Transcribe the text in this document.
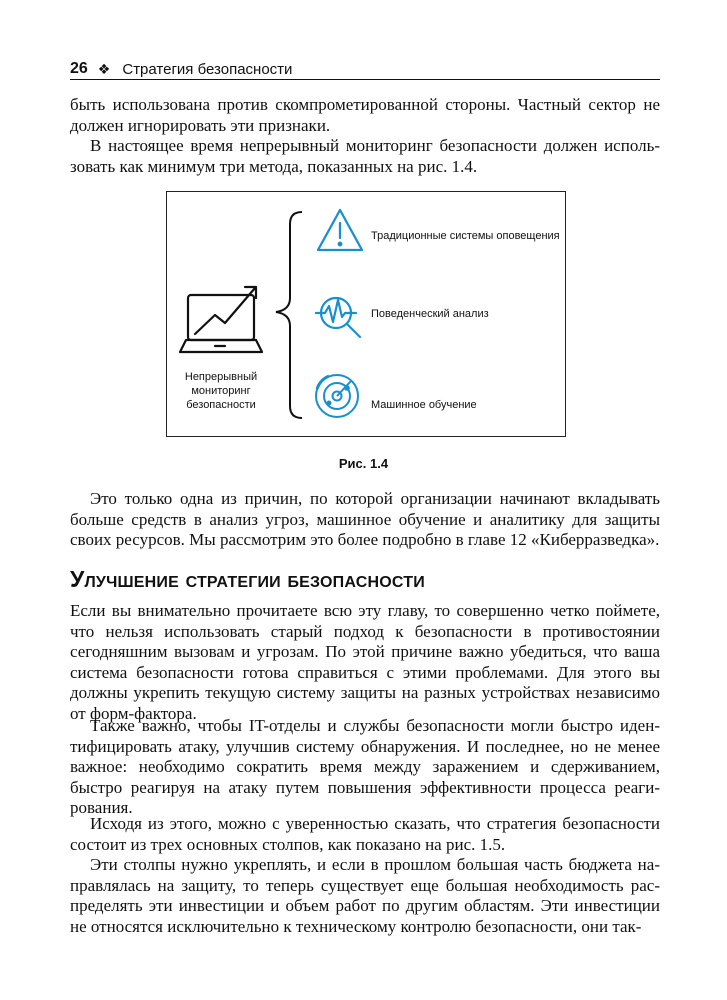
26 ❖ Стратегия безопасности

быть использована против скомпрометированной стороны. Частный сектор не должен игнорировать эти признаки.

В настоящее время непрерывный мониторинг безопасности должен использовать как минимум три метода, показанных на рис. 1.4.

Традиционные системы оповещения
Поведенческий анализ
Машинное обучение
Непрерывный мониторинг безопасности
Рис. 1.4

Это только одна из причин, по которой организации начинают вкладывать больше средств в анализ угроз, машинное обучение и аналитику для защиты своих ресурсов. Мы рассмотрим это более подробно в главе 12 «Киберразведка».

Улучшение стратегии безопасности

Если вы внимательно прочитаете всю эту главу, то совершенно четко поймете, что нельзя использовать старый подход к безопасности в противостоянии сегодняшним вызовам и угрозам. По этой причине важно убедиться, что ваша система безопасности готова справиться с этими проблемами. Для этого вы должны укрепить текущую систему защиты на разных устройствах независимо от форм-фактора.

Также важно, чтобы IT-отделы и службы безопасности могли быстро идентифицировать атаку, улучшив систему обнаружения. И последнее, но не менее важное: необходимо сократить время между заражением и сдерживанием, быстро реагируя на атаку путем повышения эффективности процесса реагирования.

Исходя из этого, можно с уверенностью сказать, что стратегия безопасности состоит из трех основных столпов, как показано на рис. 1.5.

Эти столпы нужно укреплять, и если в прошлом большая часть бюджета направлялась на защиту, то теперь существует еще большая необходимость распределять эти инвестиции и объем работ по другим областям. Эти инвестиции не относятся исключительно к техническому контролю безопасности, они так-
